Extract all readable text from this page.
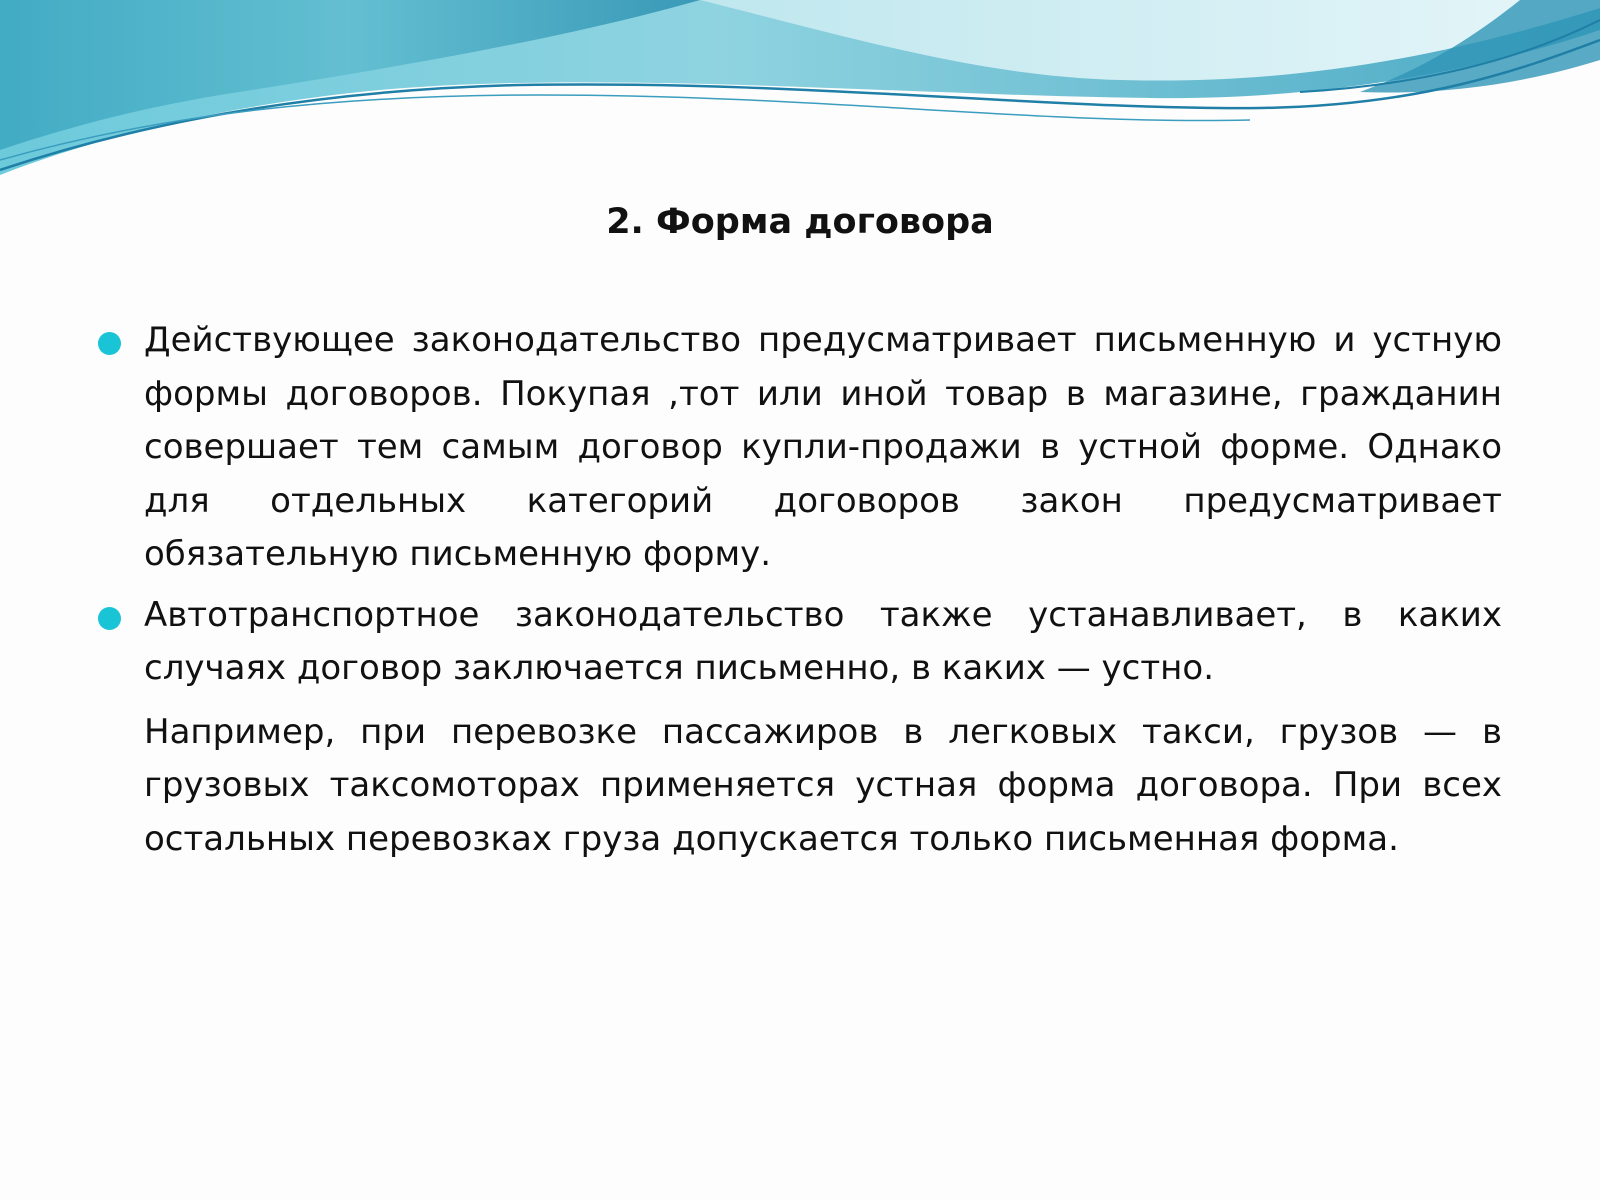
2. Форма договора

Действующее законодательство предусматривает письменную и устную формы договоров. Покупая ,тот или иной товар в магазине, гражданин совершает тем самым договор купли-продажи в устной форме. Однако для отдельных категорий договоров закон предусматривает обязательную письменную форму.

Автотранспортное законодательство также устанавливает, в каких случаях договор заключается письменно, в каких — устно.

Например, при перевозке пассажиров в легковых такси, грузов — в грузовых таксомоторах применяется устная форма договора. При всех остальных перевозках груза допускается только письменная форма.
